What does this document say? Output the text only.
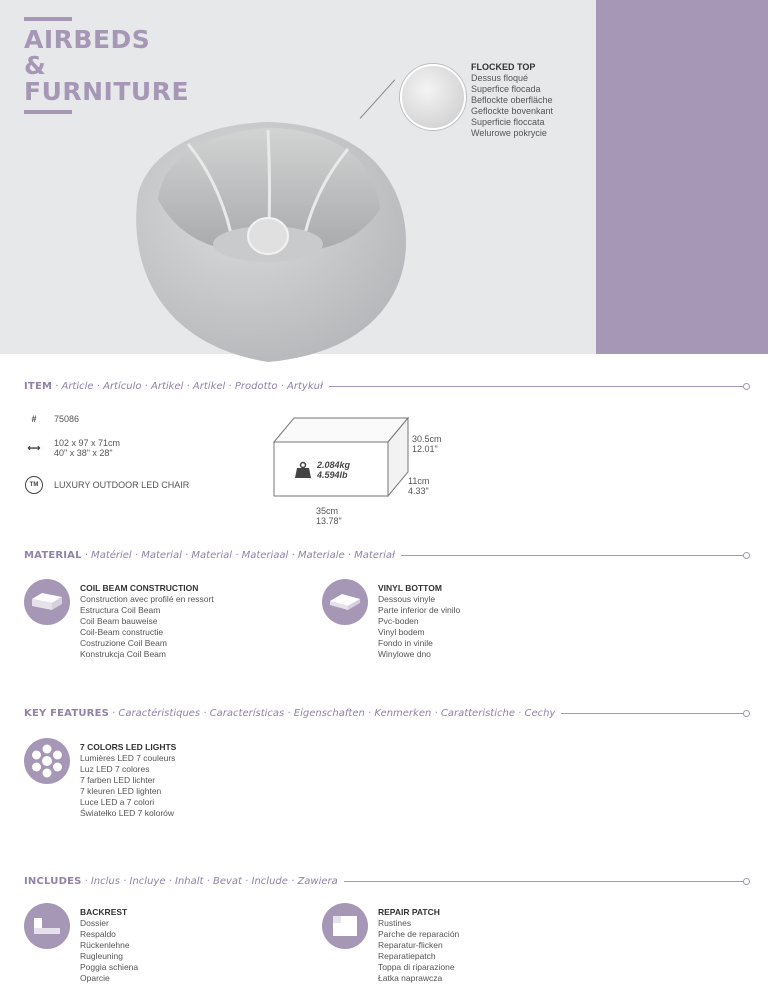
AIRBEDS
&
FURNITURE
FLOCKED TOP
Dessus floqué
Superfice flocada
Beflockte oberfläche
Geflockte bovenkant
Superficie floccata
Welurowe pokrycie
ITEM · Article · Artículo · Artikel · Artikel · Prodotto · Artykuł
#	75086
⟷	102 x 97 x 71cm
40" x 38" x 28"
TM	LUXURY OUTDOOR LED CHAIR
30.5cm
12.01"
11cm
4.33"
35cm
13.78"
2.084kg
4.594lb
MATERIAL · Matériel · Material · Material · Materiaal · Materiale · Materiał
COIL BEAM CONSTRUCTION
Construction avec profilé en ressort
Estructura Coil Beam
Coil Beam bauweise
Coil-Beam constructie
Costruzione Coil Beam
Konstrukcja Coil Beam
VINYL BOTTOM
Dessous vinyle
Parte inferior de vinilo
Pvc-boden
Vinyl bodem
Fondo in vinile
Winylowe dno
KEY FEATURES · Caractéristiques · Características · Eigenschaften · Kenmerken · Caratteristiche · Cechy
7 COLORS LED LIGHTS
Lumières LED 7 couleurs
Luz LED 7 colores
7 farben LED lichter
7 kleuren LED lighten
Luce LED a 7 colori
Światełko LED 7 kolorów
INCLUDES · Inclus · Incluye · Inhalt · Bevat · Include · Zawiera
BACKREST
Dossier
Respaldo
Rückenlehne
Rugleuning
Poggia schiena
Oparcie
REPAIR PATCH
Rustines
Parche de reparación
Reparatur-flicken
Reparatiepatch
Toppa di riparazione
Łatka naprawcza
